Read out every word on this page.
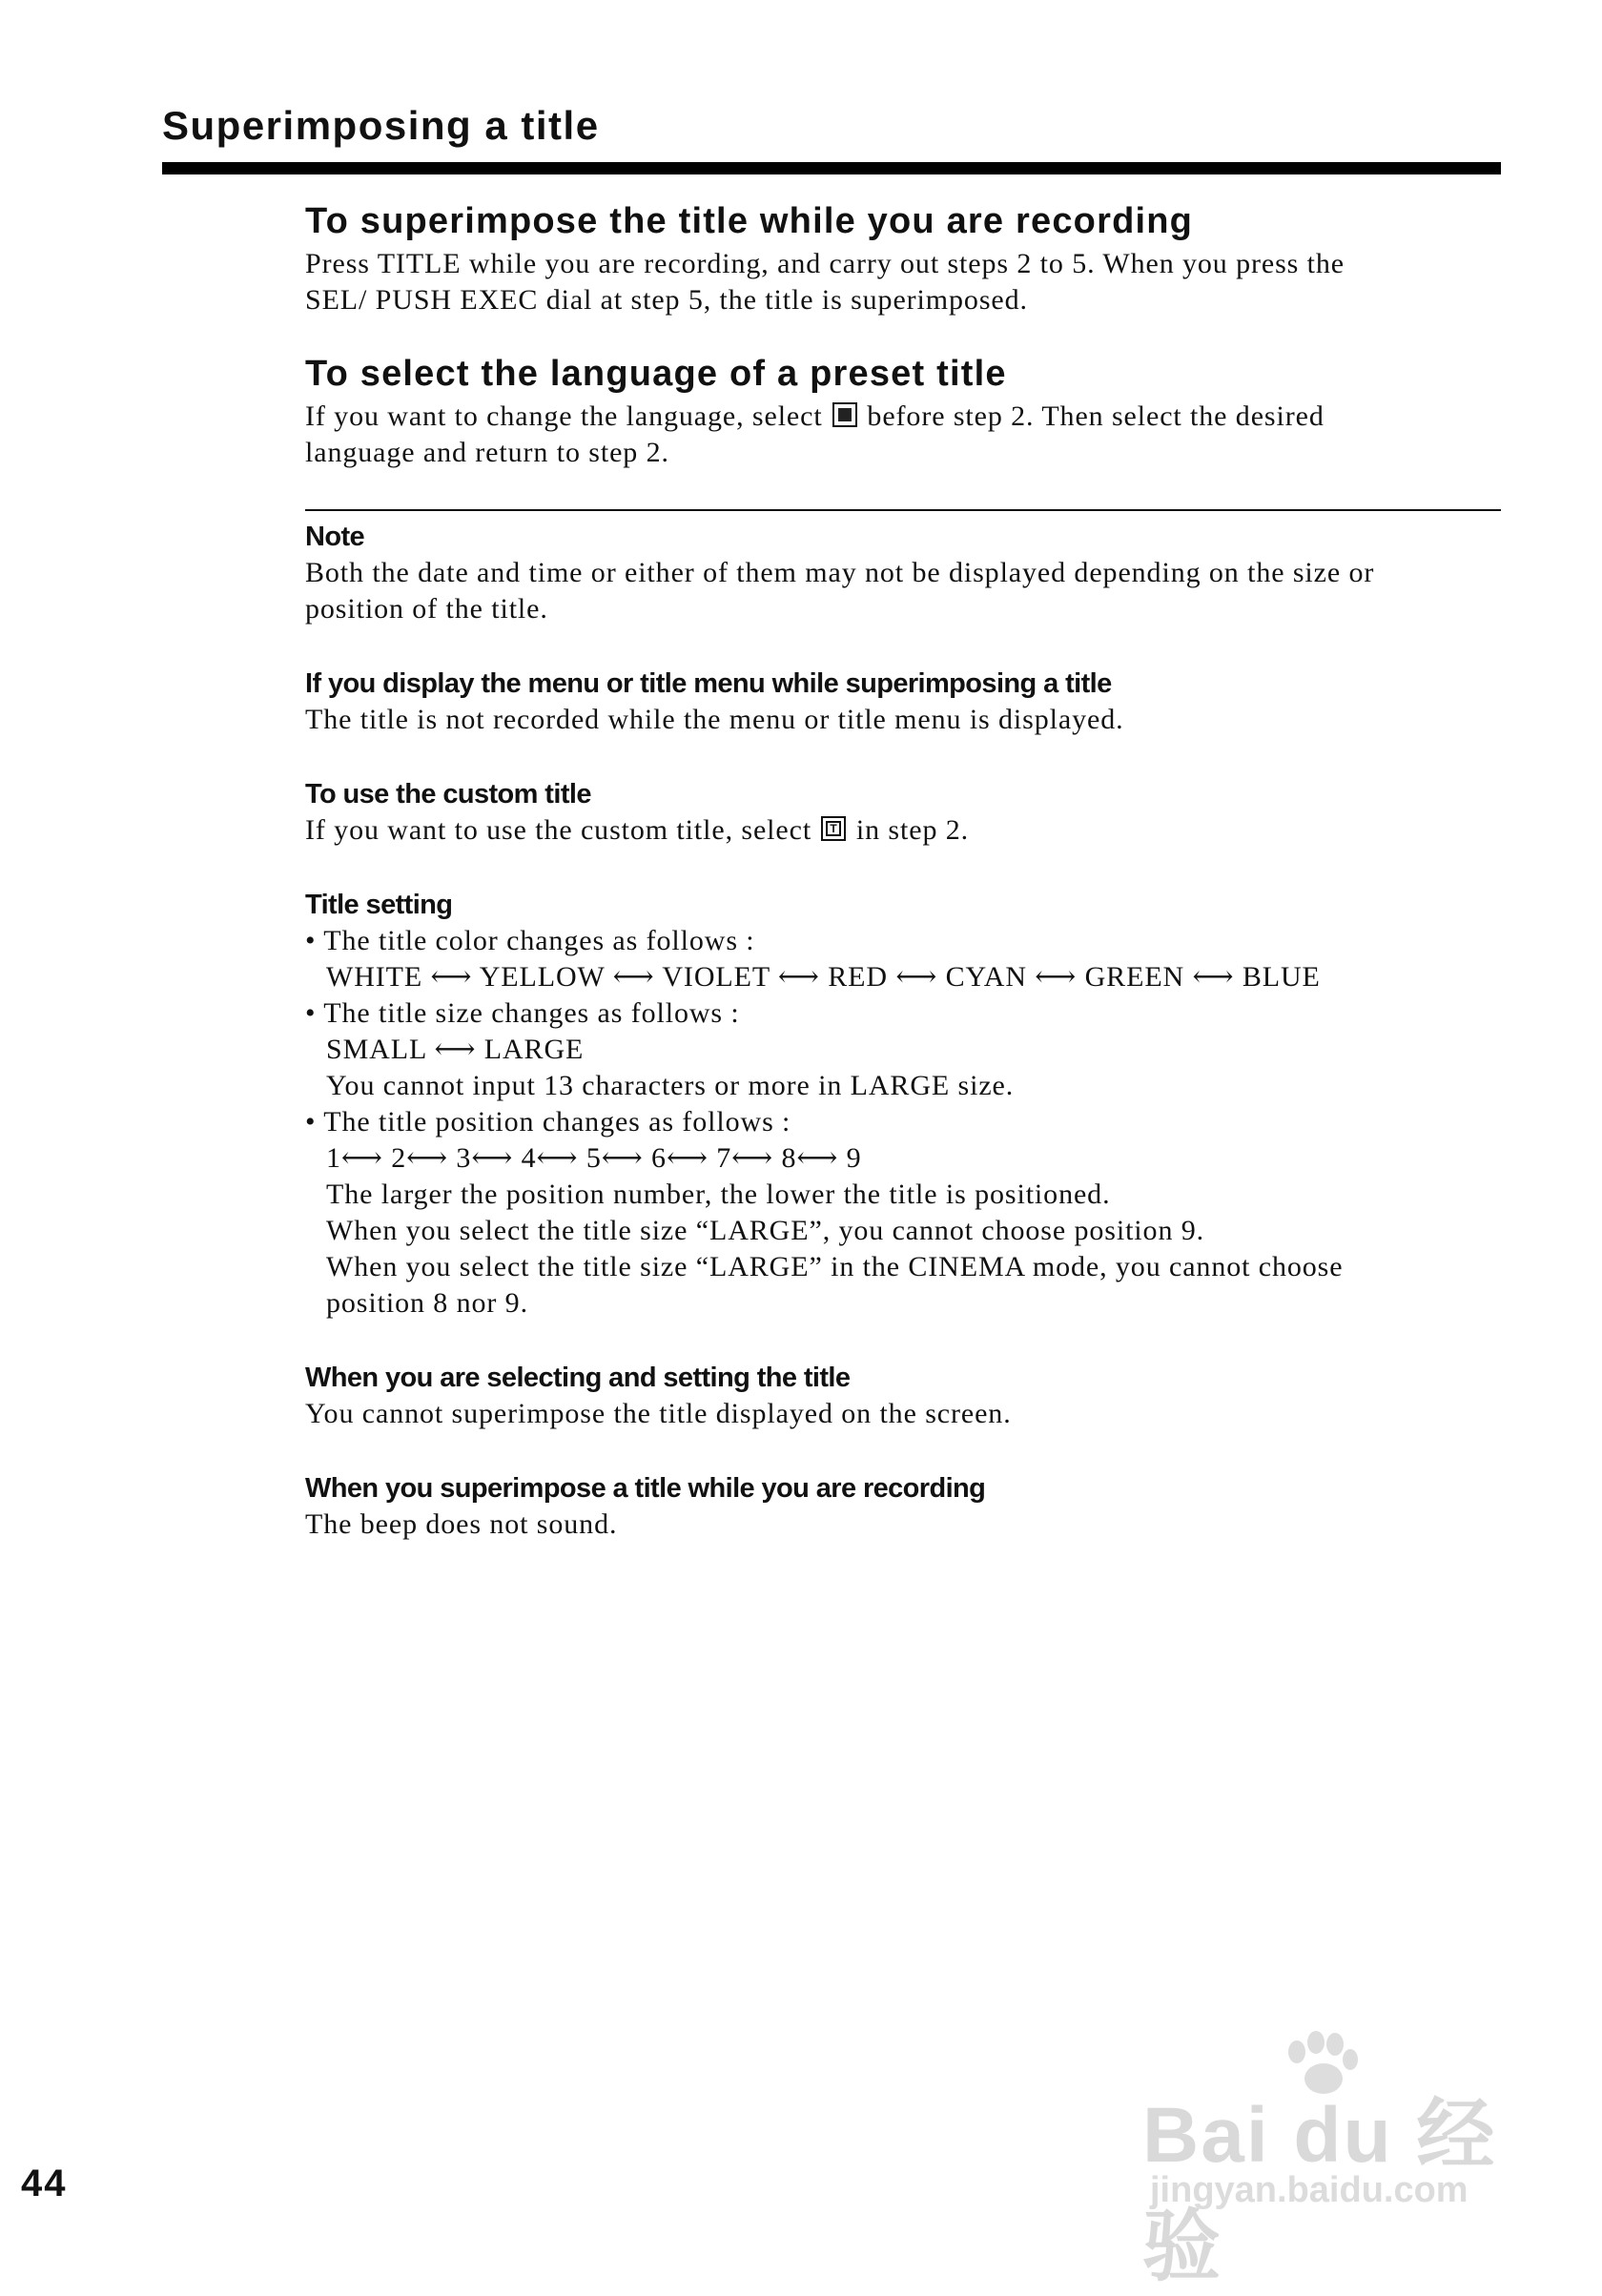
Superimposing a title
To superimpose the title while you are recording

Press TITLE while you are recording, and carry out steps 2 to 5. When you press the

SEL/ PUSH EXEC dial at step 5, the title is superimposed.

To select the language of a preset title

If you want to change the language, select before step 2. Then select the desired

language and return to step 2.

Note

Both the date and time or either of them may not be displayed depending on the size or

position of the title.

If you display the menu or title menu while superimposing a title

The title is not recorded while the menu or title menu is displayed.

To use the custom title

If you want to use the custom title, select	T in step 2.

Title setting

• The title color changes as follows :

WHITE ⟷ YELLOW ⟷ VIOLET ⟷ RED ⟷ CYAN ⟷ GREEN ⟷ BLUE

• The title size changes as follows :

SMALL ⟷ LARGE

You cannot input 13 characters or more in LARGE size.

• The title position changes as follows :

1⟷ 2⟷ 3⟷ 4⟷ 5⟷ 6⟷ 7⟷ 8⟷ 9

The larger the position number, the lower the title is positioned.

When you select the title size “LARGE”, you cannot choose position 9.

When you select the title size “LARGE” in the CINEMA mode, you cannot choose

position 8 nor 9.

When you are selecting and setting the title

You cannot superimpose the title displayed on the screen.

When you superimpose a title while you are recording

The beep does not sound.

44

Bai du 经验

jingyan.baidu.com
